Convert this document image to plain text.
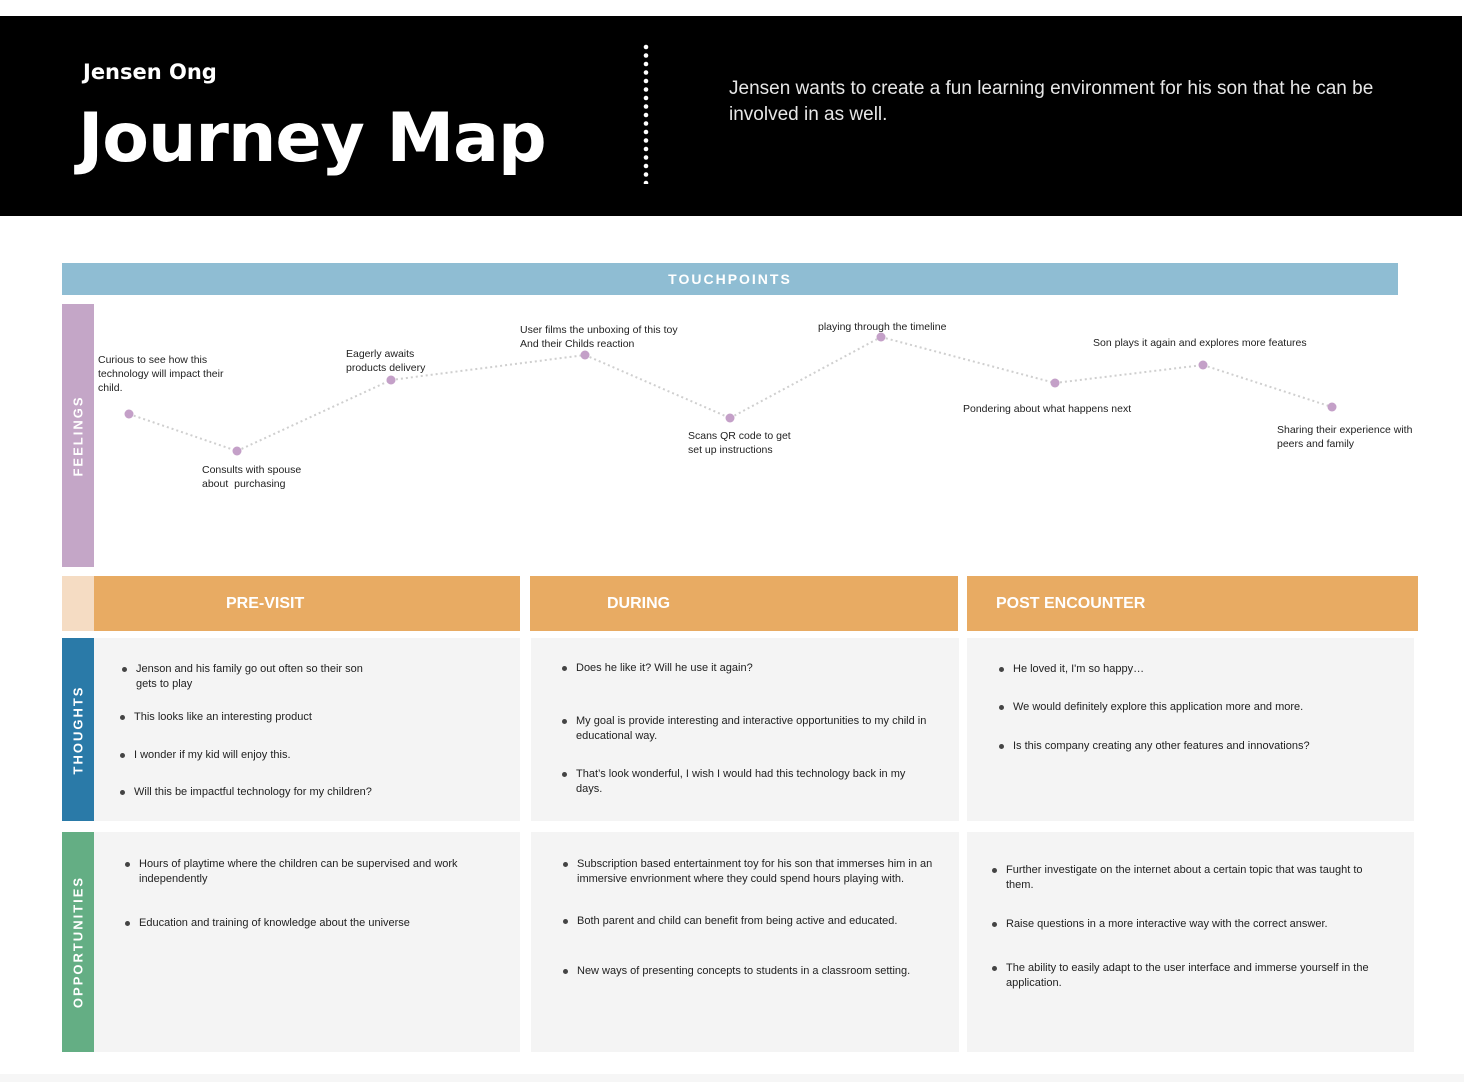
Jensen Ong
Journey Map
Jensen wants to create a fun learning environment for his son that he can be involved in as well.
TOUCHPOINTS
FEELINGS
THOUGHTS
OPPORTUNITIES
Curious to see how this
technology will impact their
child.
Consults with spouse
about  purchasing
Eagerly awaits
products delivery
User films the unboxing of this toy
And their Childs reaction
Scans QR code to get
set up instructions
playing through the timeline
Pondering about what happens next
Son plays it again and explores more features
Sharing their experience with
peers and family
PRE-VISIT	DURING	POST ENCOUNTER
Jenson and his family go out often so their son gets to play
This looks like an interesting product
I wonder if my kid will enjoy this.
Will this be impactful technology for my children?
Does he like it? Will he use it again?
My goal is provide interesting and interactive opportunities to my child in educational way.
That’s look wonderful, I wish I would had this technology back in my days.
He loved it, I'm so happy…
We would definitely explore this application more and more.
Is this company creating any other features and innovations?
Hours of playtime where the children can be supervised and work independently
Education and training of knowledge about the universe
Subscription based entertainment toy for his son that immerses him in an immersive envrionment where they could spend hours playing with.
Both parent and child can benefit from being active and educated.
New ways of presenting concepts to students in a classroom setting.
Further investigate on the internet about a certain topic that was taught to them.
Raise questions in a more interactive way with the correct answer.
The ability to easily adapt to the user interface and immerse yourself in the application.
